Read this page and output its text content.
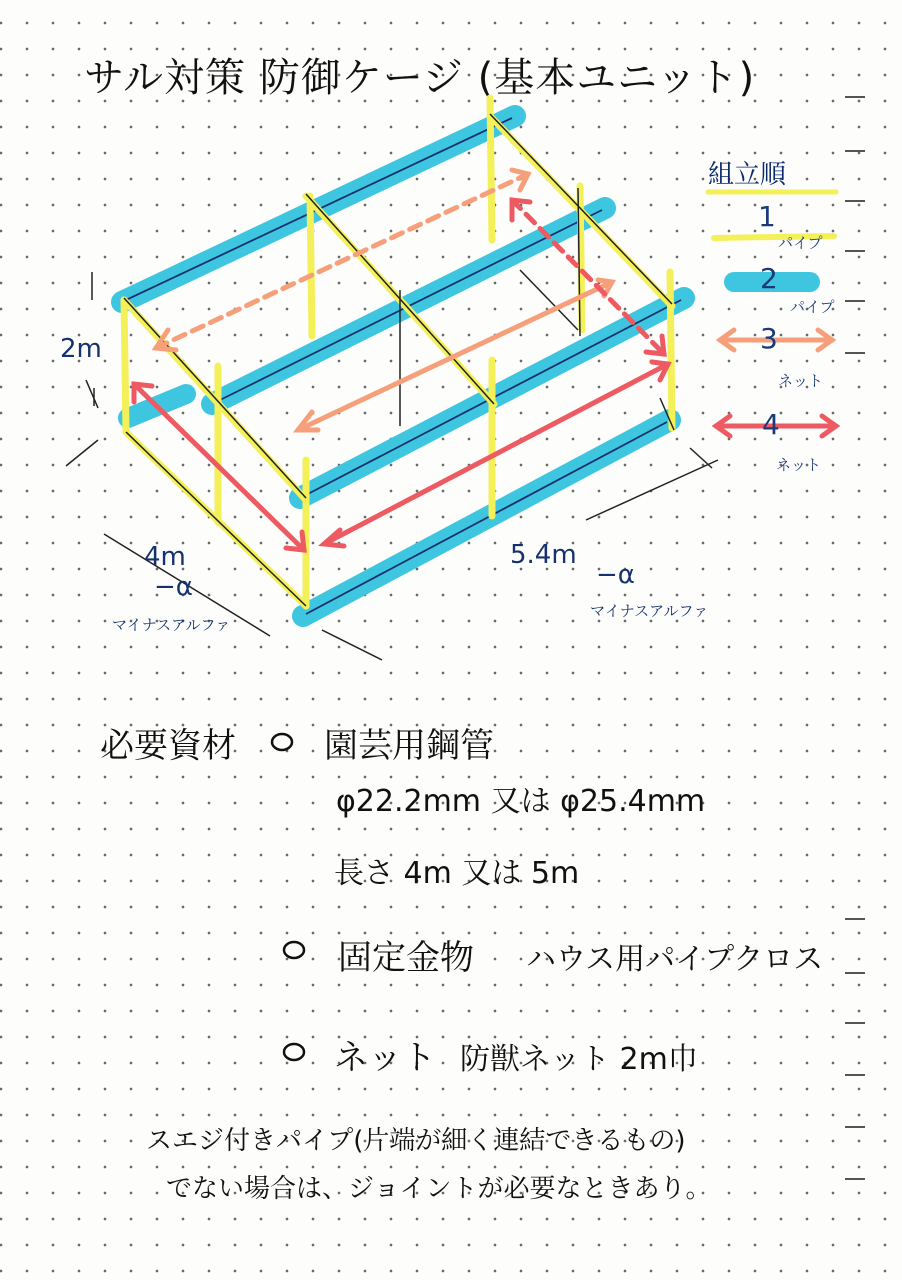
サル対策 防御ケージ (基本ユニット)
組立順
1
パイプ
2
パイプ
3
ネット
4
ネット
2m
4m
−α
マイナスアルファ
5.4m
−α
マイナスアルファ
必要資材	園芸用鋼管
φ22.2mm 又は φ25.4mm
長さ 4m 又は 5m
固定金物 ハウス用パイプクロス
ネット 防獣ネット 2m巾
スエジ付きパイプ(片端が細く連結できるもの)
でない場合は、ジョイントが必要なときあり。
